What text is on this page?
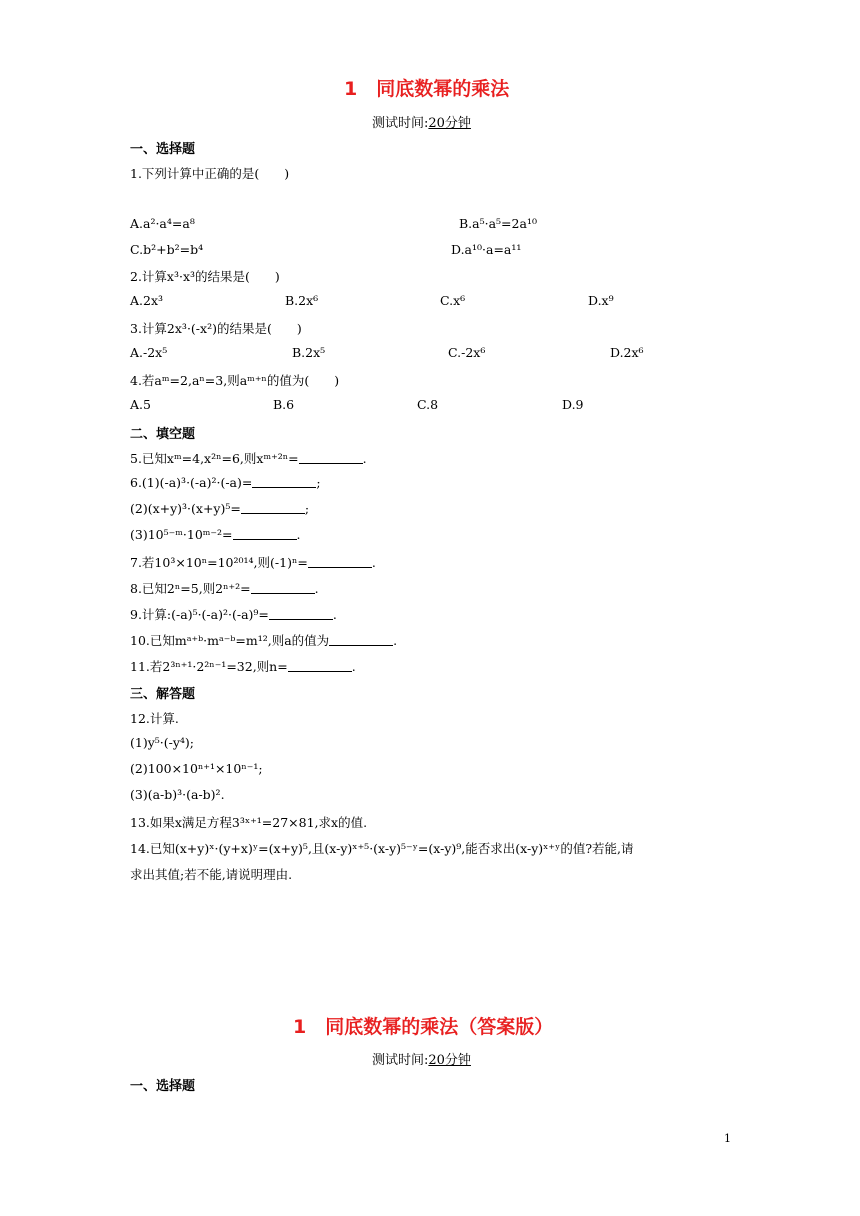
1　同底数幂的乘法
测试时间:20分钟
一、选择题
1.下列计算中正确的是(　　)
A.a²·a⁴=a⁸	B.a⁵·a⁵=2a¹⁰
C.b²+b²=b⁴	D.a¹⁰·a=a¹¹
2.计算x³·x³的结果是(　　)
A.2x³	B.2x⁶	C.x⁶	D.x⁹
3.计算2x³·(-x²)的结果是(　　)
A.-2x⁵	B.2x⁵	C.-2x⁶	D.2x⁶
4.若aᵐ=2,aⁿ=3,则aᵐ⁺ⁿ的值为(　　)
A.5	B.6	C.8	D.9
二、填空题
5.已知xᵐ=4,x²ⁿ=6,则xᵐ⁺²ⁿ=	.
6.(1)(-a)³·(-a)²·(-a)=	;
(2)(x+y)³·(x+y)⁵=	;
(3)10⁵⁻ᵐ·10ᵐ⁻²=	.
7.若10³×10ⁿ=10²⁰¹⁴,则(-1)ⁿ=	.
8.已知2ⁿ=5,则2ⁿ⁺²=	.
9.计算:(-a)⁵·(-a)²·(-a)⁹=	.
10.已知mᵃ⁺ᵇ·mᵃ⁻ᵇ=m¹²,则a的值为	.
11.若2³ⁿ⁺¹·2²ⁿ⁻¹=32,则n=	.
三、解答题
12.计算.
(1)y⁵·(-y⁴);
(2)100×10ⁿ⁺¹×10ⁿ⁻¹;
(3)(a-b)³·(a-b)².
13.如果x满足方程3³ˣ⁺¹=27×81,求x的值.
14.已知(x+y)ˣ·(y+x)ʸ=(x+y)⁵,且(x-y)ˣ⁺⁵·(x-y)⁵⁻ʸ=(x-y)⁹,能否求出(x-y)ˣ⁺ʸ的值?若能,请
求出其值;若不能,请说明理由.
1　同底数幂的乘法（答案版）
测试时间:20分钟
一、选择题
1
